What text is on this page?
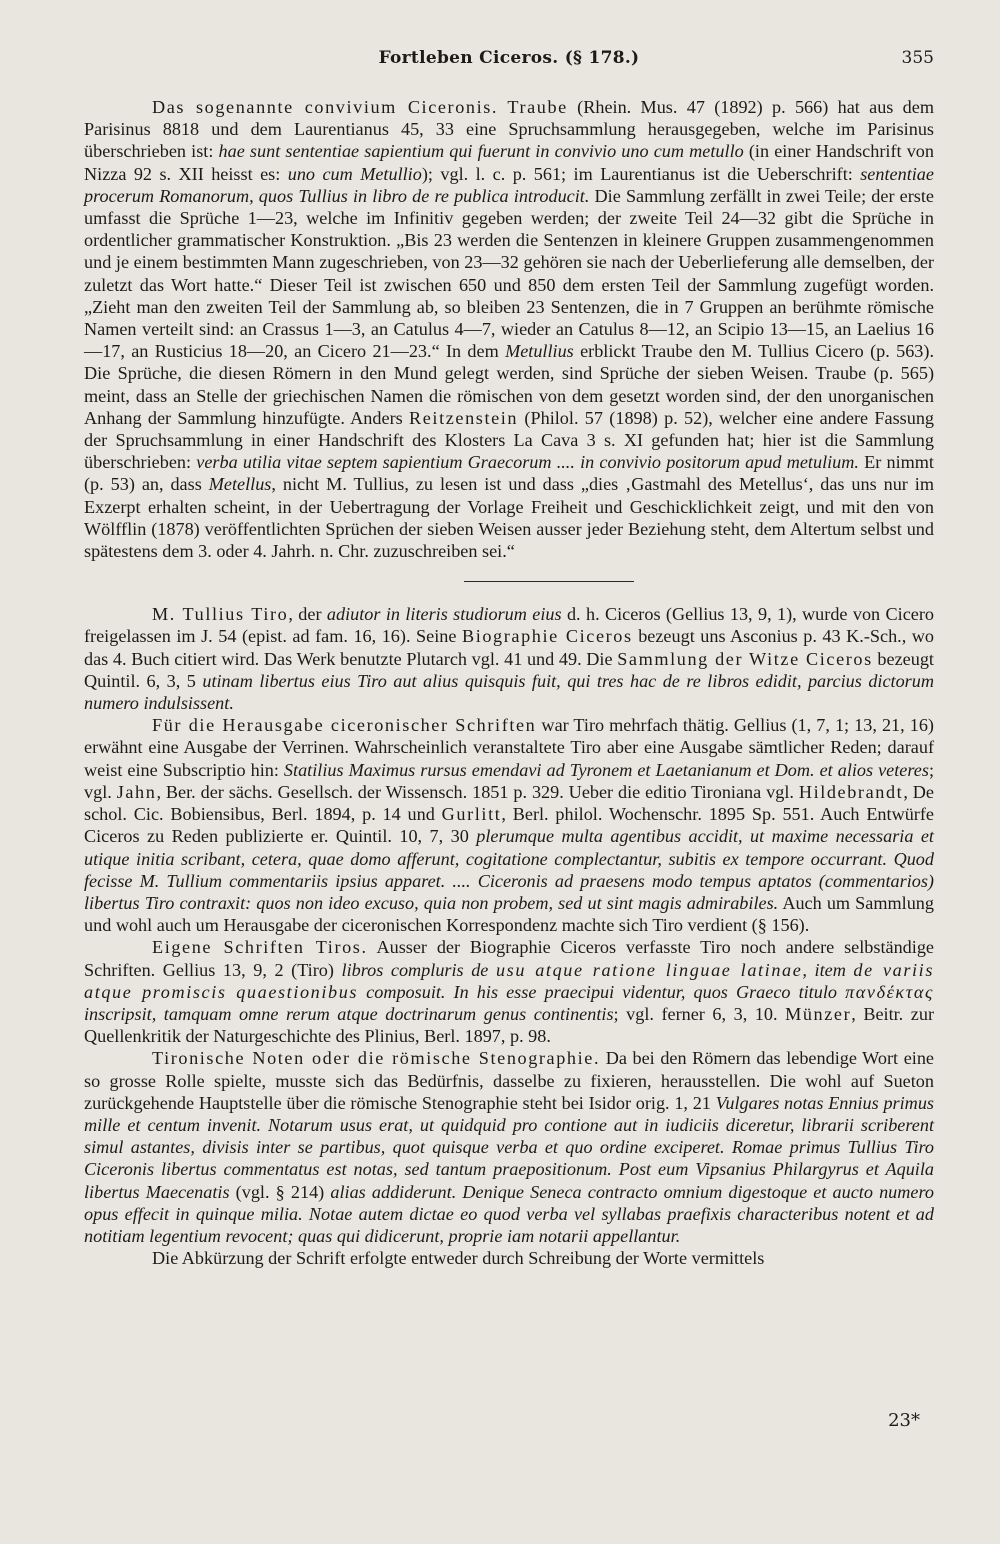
Fortleben Ciceros. (§ 178.)	355

Das sogenannte convivium Ciceronis. Traube (Rhein. Mus. 47 (1892) p. 566) hat aus dem Parisinus 8818 und dem Laurentianus 45, 33 eine Spruchsammlung herausgegeben, welche im Parisinus überschrieben ist: hae sunt sententiae sapientium qui fuerunt in convivio uno cum metullo (in einer Handschrift von Nizza 92 s. XII heisst es: uno cum Metullio); vgl. l. c. p. 561; im Laurentianus ist die Ueberschrift: sententiae procerum Romanorum, quos Tullius in libro de re publica introducit. Die Sammlung zerfällt in zwei Teile; der erste umfasst die Sprüche 1—23, welche im Infinitiv gegeben werden; der zweite Teil 24—32 gibt die Sprüche in ordentlicher grammatischer Konstruktion. „Bis 23 werden die Sentenzen in kleinere Gruppen zusammengenommen und je einem bestimmten Mann zugeschrieben, von 23—32 gehören sie nach der Ueberlieferung alle demselben, der zuletzt das Wort hatte.“ Dieser Teil ist zwischen 650 und 850 dem ersten Teil der Sammlung zugefügt worden. „Zieht man den zweiten Teil der Sammlung ab, so bleiben 23 Sentenzen, die in 7 Gruppen an berühmte römische Namen verteilt sind: an Crassus 1—3, an Catulus 4—7, wieder an Catulus 8—12, an Scipio 13—15, an Laelius 16—17, an Rusticius 18—20, an Cicero 21—23.“ In dem Metullius erblickt Traube den M. Tullius Cicero (p. 563). Die Sprüche, die diesen Römern in den Mund gelegt werden, sind Sprüche der sieben Weisen. Traube (p. 565) meint, dass an Stelle der griechischen Namen die römischen von dem gesetzt worden sind, der den unorganischen Anhang der Sammlung hinzufügte. Anders Reitzenstein (Philol. 57 (1898) p. 52), welcher eine andere Fassung der Spruchsammlung in einer Handschrift des Klosters La Cava 3 s. XI gefunden hat; hier ist die Sammlung überschrieben: verba utilia vitae septem sapientium Graecorum .... in convivio positorum apud metulium. Er nimmt (p. 53) an, dass Metellus, nicht M. Tullius, zu lesen ist und dass „dies ‚Gastmahl des Metellus‘, das uns nur im Exzerpt erhalten scheint, in der Uebertragung der Vorlage Freiheit und Geschicklichkeit zeigt, und mit den von Wölfflin (1878) veröffentlichten Sprüchen der sieben Weisen ausser jeder Beziehung steht, dem Altertum selbst und spätestens dem 3. oder 4. Jahrh. n. Chr. zuzuschreiben sei.“

M. Tullius Tiro, der adiutor in literis studiorum eius d. h. Ciceros (Gellius 13, 9, 1), wurde von Cicero freigelassen im J. 54 (epist. ad fam. 16, 16). Seine Biographie Ciceros bezeugt uns Asconius p. 43 K.-Sch., wo das 4. Buch citiert wird. Das Werk benutzte Plutarch vgl. 41 und 49. Die Sammlung der Witze Ciceros bezeugt Quintil. 6, 3, 5 utinam libertus eius Tiro aut alius quisquis fuit, qui tres hac de re libros edidit, parcius dictorum numero indulsissent.

Für die Herausgabe ciceronischer Schriften war Tiro mehrfach thätig. Gellius (1, 7, 1; 13, 21, 16) erwähnt eine Ausgabe der Verrinen. Wahrscheinlich veranstaltete Tiro aber eine Ausgabe sämtlicher Reden; darauf weist eine Subscriptio hin: Statilius Maximus rursus emendavi ad Tyronem et Laetanianum et Dom. et alios veteres; vgl. Jahn, Ber. der sächs. Gesellsch. der Wissensch. 1851 p. 329. Ueber die editio Tironiana vgl. Hildebrandt, De schol. Cic. Bobiensibus, Berl. 1894, p. 14 und Gurlitt, Berl. philol. Wochenschr. 1895 Sp. 551. Auch Entwürfe Ciceros zu Reden publizierte er. Quintil. 10, 7, 30 plerumque multa agentibus accidit, ut maxime necessaria et utique initia scribant, cetera, quae domo afferunt, cogitatione complectantur, subitis ex tempore occurrant. Quod fecisse M. Tullium commentariis ipsius apparet. .... Ciceronis ad praesens modo tempus aptatos (commentarios) libertus Tiro contraxit: quos non ideo excuso, quia non probem, sed ut sint magis admirabiles. Auch um Sammlung und wohl auch um Herausgabe der ciceronischen Korrespondenz machte sich Tiro verdient (§ 156).

Eigene Schriften Tiros. Ausser der Biographie Ciceros verfasste Tiro noch andere selbständige Schriften. Gellius 13, 9, 2 (Tiro) libros compluris de usu atque ratione linguae latinae, item de variis atque promiscis quaestionibus composuit. In his esse praecipui videntur, quos Graeco titulo πανδέκτας inscripsit, tamquam omne rerum atque doctrinarum genus continentis; vgl. ferner 6, 3, 10. Münzer, Beitr. zur Quellenkritik der Naturgeschichte des Plinius, Berl. 1897, p. 98.

Tironische Noten oder die römische Stenographie. Da bei den Römern das lebendige Wort eine so grosse Rolle spielte, musste sich das Bedürfnis, dasselbe zu fixieren, herausstellen. Die wohl auf Sueton zurückgehende Hauptstelle über die römische Stenographie steht bei Isidor orig. 1, 21 Vulgares notas Ennius primus mille et centum invenit. Notarum usus erat, ut quidquid pro contione aut in iudiciis diceretur, librarii scriberent simul astantes, divisis inter se partibus, quot quisque verba et quo ordine exciperet. Romae primus Tullius Tiro Ciceronis libertus commentatus est notas, sed tantum praepositionum. Post eum Vipsanius Philargyrus et Aquila libertus Maecenatis (vgl. § 214) alias addiderunt. Denique Seneca contracto omnium digestoque et aucto numero opus effecit in quinque milia. Notae autem dictae eo quod verba vel syllabas praefixis characteribus notent et ad notitiam legentium revocent; quas qui didicerunt, proprie iam notarii appellantur.

Die Abkürzung der Schrift erfolgte entweder durch Schreibung der Worte vermittels

23*
